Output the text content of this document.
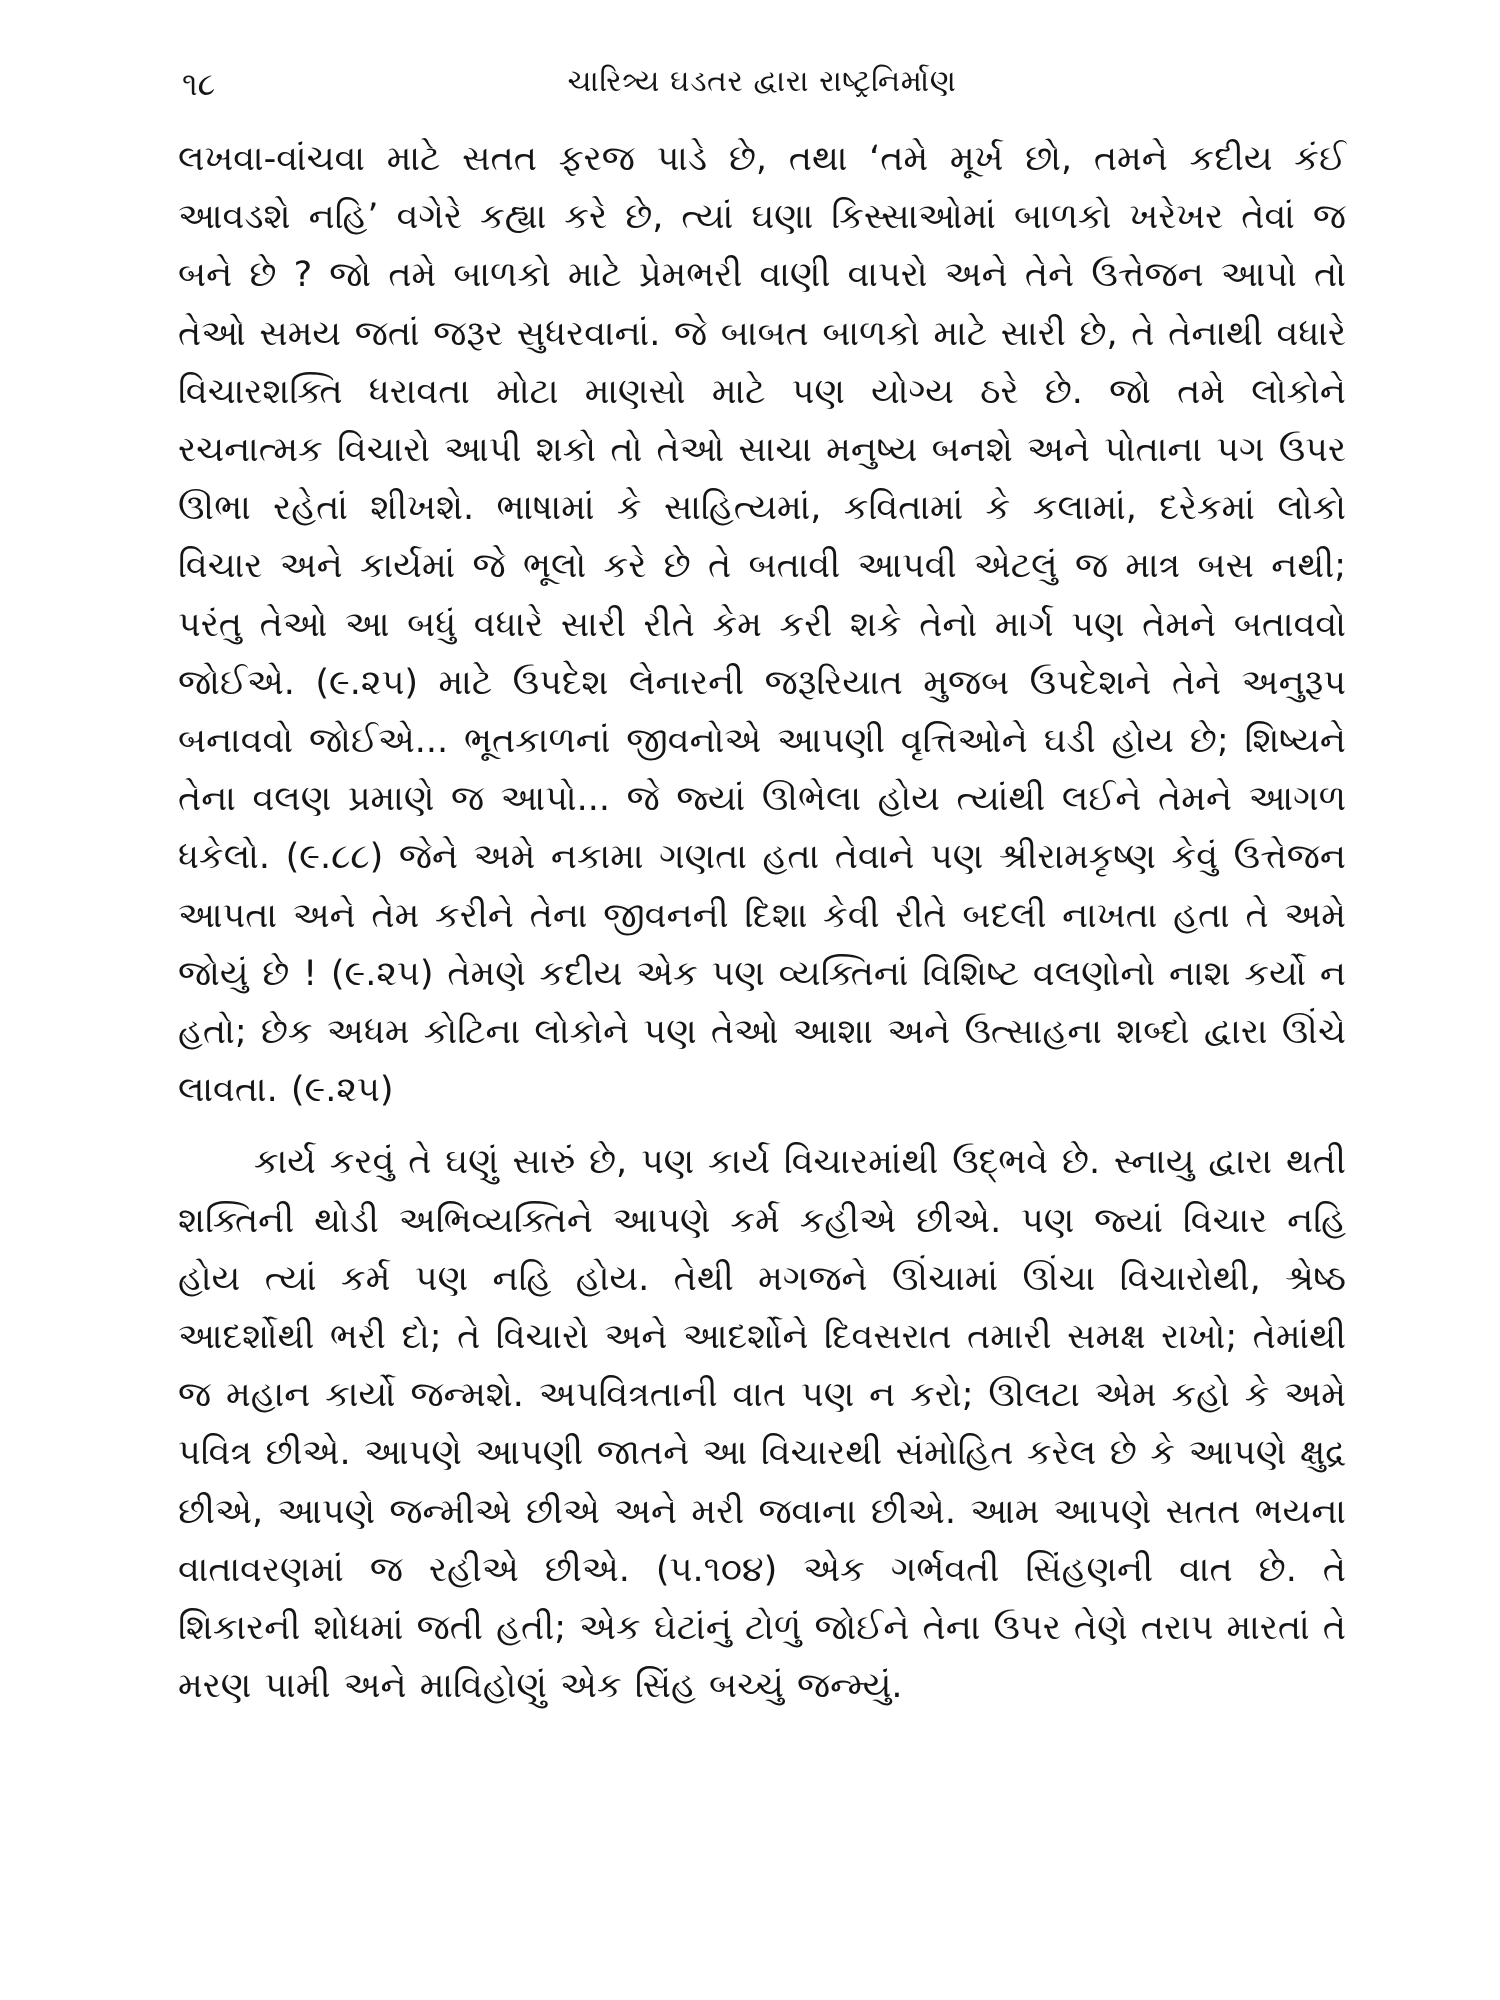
૧૮	ચારિત્ર્ય ઘડતર દ્વારા રાષ્ટ્રનિર્માણ

લખવા-વાંચવા માટે સતત ફરજ પાડે છે, તથા ‘તમે મૂર્ખ છો, તમને કદીય કંઈ આવડશે નહિ’ વગેરે કહ્યા કરે છે, ત્યાં ઘણા કિસ્સાઓમાં બાળકો ખરેખર તેવાં જ બને છે ? જો તમે બાળકો માટે પ્રેમભરી વાણી વાપરો અને તેને ઉત્તેજન આપો તો તેઓ સમય જતાં જરૂર સુધરવાનાં. જે બાબત બાળકો માટે સારી છે, તે તેનાથી વધારે વિચારશક્તિ ધરાવતા મોટા માણસો માટે પણ યોગ્ય ઠરે છે. જો તમે લોકોને રચનાત્મક વિચારો આપી શકો તો તેઓ સાચા મનુષ્ય બનશે અને પોતાના પગ ઉપર ઊભા રહેતાં શીખશે. ભાષામાં કે સાહિત્યમાં, કવિતામાં કે કલામાં, દરેકમાં લોકો વિચાર અને કાર્યમાં જે ભૂલો કરે છે તે બતાવી આપવી એટલું જ માત્ર બસ નથી; પરંતુ તેઓ આ બધું વધારે સારી રીતે કેમ કરી શકે તેનો માર્ગ પણ તેમને બતાવવો જોઈએ. (૯.૨૫) માટે ઉપદેશ લેનારની જરૂરિયાત મુજબ ઉપદેશને તેને અનુરૂપ બનાવવો જોઈએ... ભૂતકાળનાં જીવનોએ આપણી વૃત્તિઓને ઘડી હોય છે; શિષ્યને તેના વલણ પ્રમાણે જ આપો... જે જ્યાં ઊભેલા હોય ત્યાંથી લઈને તેમને આગળ ધકેલો. (૯.૮૮) જેને અમે નકામા ગણતા હતા તેવાને પણ શ્રીરામકૃષ્ણ કેવું ઉત્તેજન આપતા અને તેમ કરીને તેના જીવનની દિશા કેવી રીતે બદલી નાખતા હતા તે અમે જોયું છે ! (૯.૨૫) તેમણે કદીય એક પણ વ્યક્તિનાં વિશિષ્ટ વલણોનો નાશ કર્યો ન હતો; છેક અધમ કોટિના લોકોને પણ તેઓ આશા અને ઉત્સાહના શબ્દો દ્વારા ઊંચે લાવતા. (૯.૨૫)

કાર્ય કરવું તે ઘણું સારું છે, પણ કાર્ય વિચારમાંથી ઉદ્ભવે છે. સ્નાયુ દ્વારા થતી શક્તિની થોડી અભિવ્યક્તિને આપણે કર્મ કહીએ છીએ. પણ જ્યાં વિચાર નહિ હોય ત્યાં કર્મ પણ નહિ હોય. તેથી મગજને ઊંચામાં ઊંચા વિચારોથી, શ્રેષ્ઠ આદર્શોથી ભરી દો; તે વિચારો અને આદર્શોને દિવસરાત તમારી સમક્ષ રાખો; તેમાંથી જ મહાન કાર્યો જન્મશે. અપવિત્રતાની વાત પણ ન કરો; ઊલટા એમ કહો કે અમે પવિત્ર છીએ. આપણે આપણી જાતને આ વિચારથી સંમોહિત કરેલ છે કે આપણે ક્ષુદ્ર છીએ, આપણે જન્મીએ છીએ અને મરી જવાના છીએ. આમ આપણે સતત ભયના વાતાવરણમાં જ રહીએ છીએ. (૫.૧૦૪) એક ગર્ભવતી સિંહણની વાત છે. તે શિકારની શોધમાં જતી હતી; એક ઘેટાંનું ટોળું જોઈને તેના ઉપર તેણે તરાપ મારતાં તે મરણ પામી અને માવિહોણું એક સિંહ બચ્ચું જન્મ્યું.
